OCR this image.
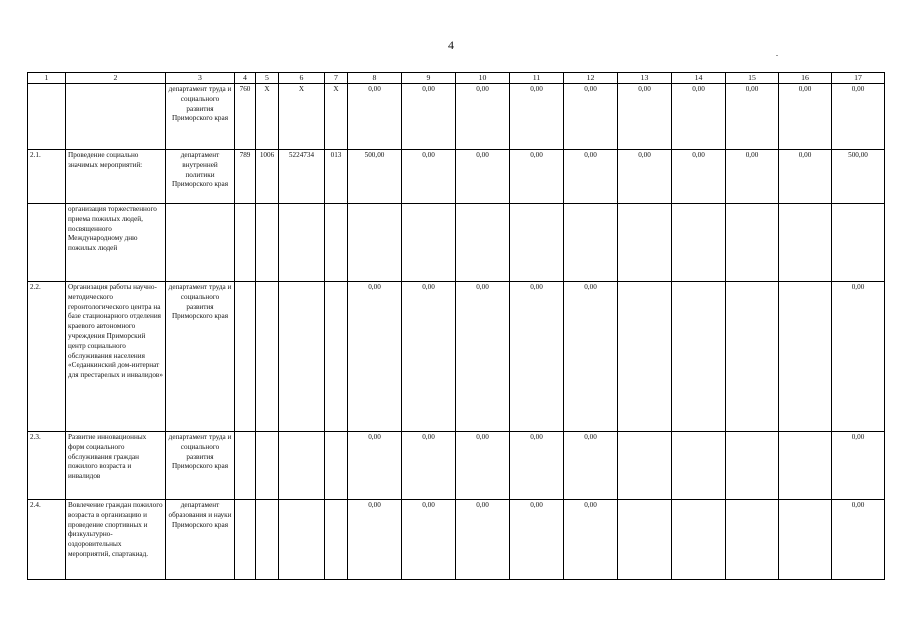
4
1	2	3	4	5	6	7	8	9	10	11	12	13	14	15	16	17
		департамент труда и социального развития Приморского края	760	X	X	X	0,00	0,00	0,00	0,00	0,00	0,00	0,00	0,00	0,00	0,00
2.1.	Проведение социально значимых мероприятий:	департамент внутренней политики Приморского края	789	1006	5224734	013	500,00	0,00	0,00	0,00	0,00	0,00	0,00	0,00	0,00	500,00
	организация торжественного приема пожилых людей, посвященного Международному дню пожилых людей															
2.2.	Организация работы научно-методического геронтологического центра на базе стационарного отделения краевого автономного учреждения Приморский центр социального обслуживания населения «Седанкинский дом-интернат для престарелых и инвалидов»	департамент труда и социального развития Приморского края					0,00	0,00	0,00	0,00	0,00					0,00
2.3.	Развитие инновационных форм социального обслуживания граждан пожилого возраста и инвалидов	департамент труда и социального развития Приморского края					0,00	0,00	0,00	0,00	0,00					0,00
2.4.	Вовлечение граждан пожилого возраста в организацию и проведение спортивных и физкультурно-оздоровительных мероприятий, спартакиад.	департамент образования и науки Приморского края					0,00	0,00	0,00	0,00	0,00					0,00
